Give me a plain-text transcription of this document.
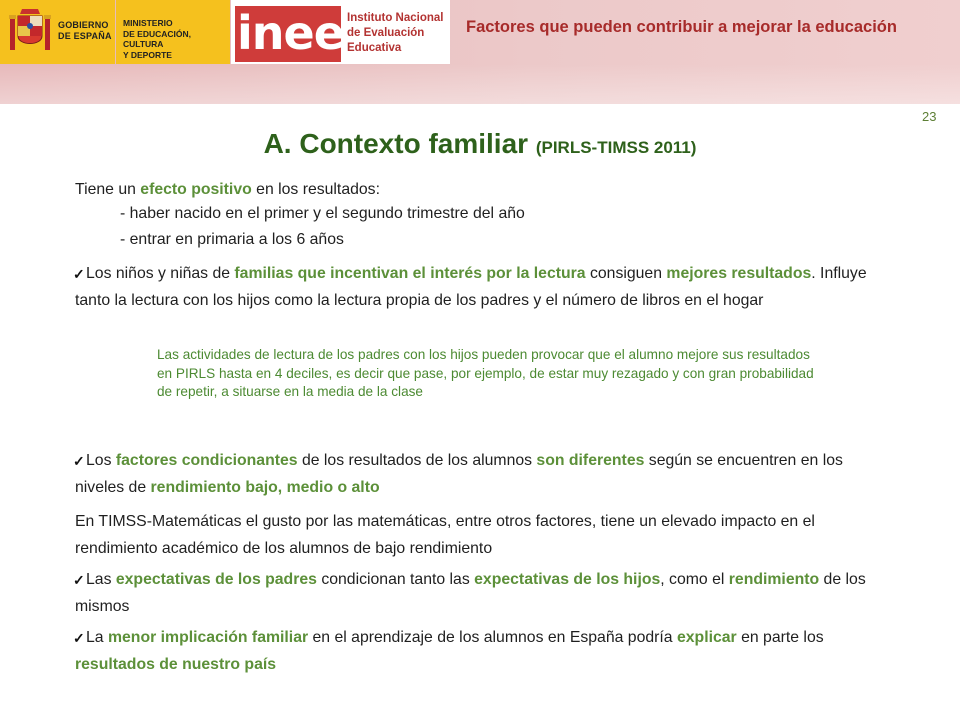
GOBIERNO
DE ESPAÑA
MINISTERIO
DE EDUCACIÓN, CULTURA
Y DEPORTE	inee Instituto Nacional
de Evaluación
Educativa
Factores que pueden contribuir a mejorar la educación
23
A. Contexto familiar (PIRLS-TIMSS 2011)
Tiene un efecto positivo en los resultados:
- haber nacido en el primer y el segundo trimestre del año
- entrar en primaria a los 6 años
✓ Los niños y niñas de familias que incentivan el interés por la lectura consiguen mejores resultados. Influye tanto la lectura con los hijos como la lectura propia de los padres y el número de libros en el hogar
Las actividades de lectura de los padres con los hijos pueden provocar que el alumno mejore sus resultados en PIRLS hasta en 4 deciles, es decir que pase, por ejemplo, de estar muy rezagado y con gran probabilidad de repetir, a situarse en la media de la clase
✓ Los factores condicionantes de los resultados de los alumnos son diferentes según se encuentren en los niveles de rendimiento bajo, medio o alto
En TIMSS-Matemáticas el gusto por las matemáticas, entre otros factores, tiene un elevado impacto en el rendimiento académico de los alumnos de bajo rendimiento
✓ Las expectativas de los padres condicionan tanto las expectativas de los hijos, como el rendimiento de los mismos
✓ La menor implicación familiar en el aprendizaje de los alumnos en España podría explicar en parte los resultados de nuestro país
